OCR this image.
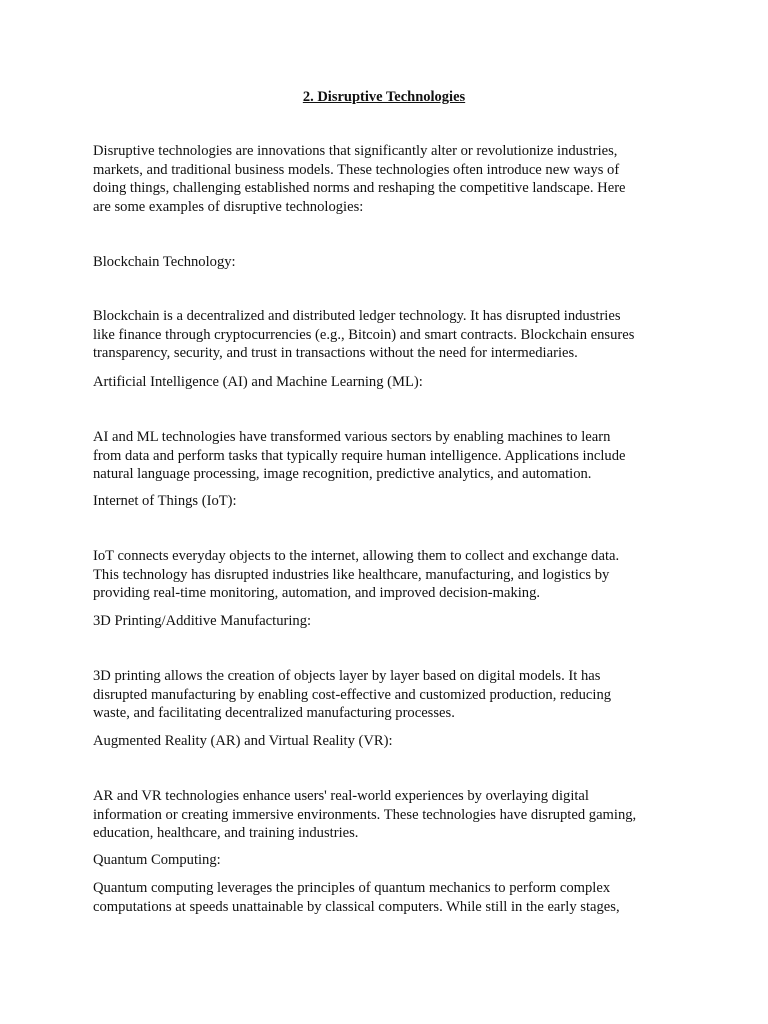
2. Disruptive Technologies

Disruptive technologies are innovations that significantly alter or revolutionize industries,
markets, and traditional business models. These technologies often introduce new ways of
doing things, challenging established norms and reshaping the competitive landscape. Here
are some examples of disruptive technologies:

Blockchain Technology:

Blockchain is a decentralized and distributed ledger technology. It has disrupted industries
like finance through cryptocurrencies (e.g., Bitcoin) and smart contracts. Blockchain ensures
transparency, security, and trust in transactions without the need for intermediaries.

Artificial Intelligence (AI) and Machine Learning (ML):

AI and ML technologies have transformed various sectors by enabling machines to learn
from data and perform tasks that typically require human intelligence. Applications include
natural language processing, image recognition, predictive analytics, and automation.

Internet of Things (IoT):

IoT connects everyday objects to the internet, allowing them to collect and exchange data.
This technology has disrupted industries like healthcare, manufacturing, and logistics by
providing real-time monitoring, automation, and improved decision-making.

3D Printing/Additive Manufacturing:

3D printing allows the creation of objects layer by layer based on digital models. It has
disrupted manufacturing by enabling cost-effective and customized production, reducing
waste, and facilitating decentralized manufacturing processes.

Augmented Reality (AR) and Virtual Reality (VR):

AR and VR technologies enhance users' real-world experiences by overlaying digital
information or creating immersive environments. These technologies have disrupted gaming,
education, healthcare, and training industries.

Quantum Computing:

Quantum computing leverages the principles of quantum mechanics to perform complex
computations at speeds unattainable by classical computers. While still in the early stages,
